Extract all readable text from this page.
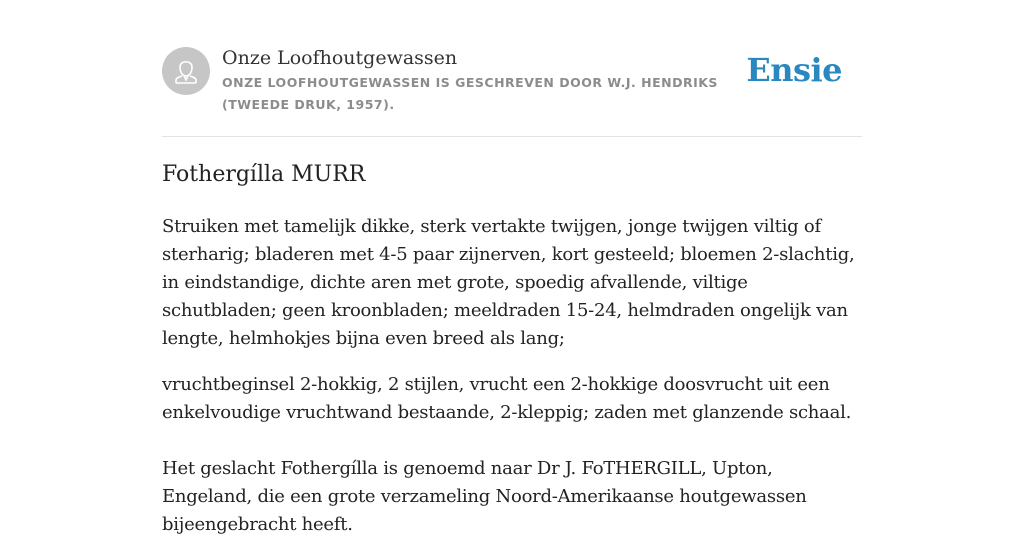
Onze Loofhoutgewassen
ONZE LOOFHOUTGEWASSEN IS GESCHREVEN DOOR W.J. HENDRIKS (TWEEDE DRUK, 1957).
Ensie
Fothergílla MURR

Struiken met tamelijk dikke, sterk vertakte twijgen, jonge twijgen viltig of sterharig; bladeren met 4-5 paar zijnerven, kort gesteeld; bloemen 2-slachtig, in eindstandige, dichte aren met grote, spoedig afvallende, viltige schutbladen; geen kroonbladen; meeldraden 15-24, helmdraden ongelijk van lengte, helmhokjes bijna even breed als lang;

vruchtbeginsel 2-hokkig, 2 stijlen, vrucht een 2-hokkige doosvrucht uit een enkelvoudige vruchtwand bestaande, 2-kleppig; zaden met glanzende schaal.

Het geslacht Fothergílla is genoemd naar Dr J. FoTHERGILL, Upton, Engeland, die een grote verzameling Noord-Amerikaanse houtgewassen bijeengebracht heeft.
